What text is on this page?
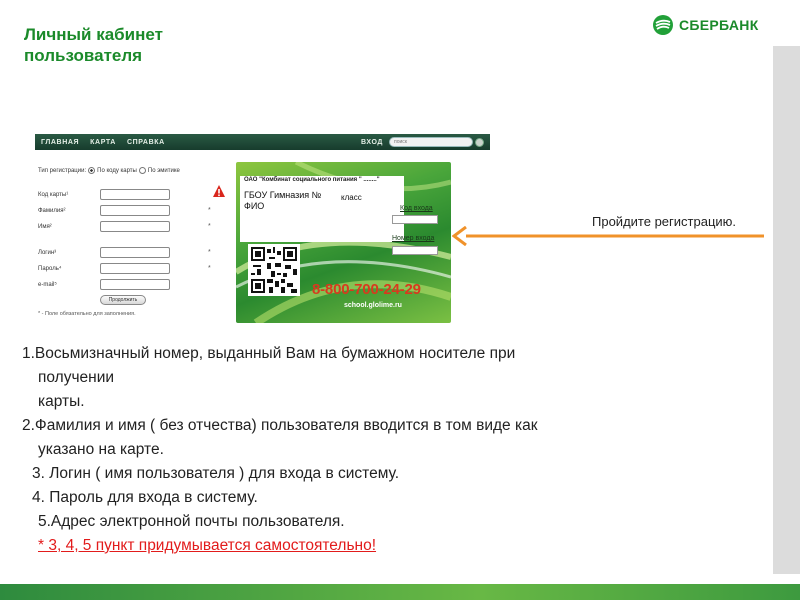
Личный кабинет
пользователя
СБЕРБАНК
ГЛАВНАЯ КАРТА СПРАВКА	ВХОД	поиск
Тип регистрации: По коду карты По эмитике
Код карты¹
Фамилия²	*
Имя²	*
Логин³	*
Пароль⁴	*
e-mail⁵
Продолжить
* - Поле обязательно для заполнения.
ОАО "Комбинат социального питания " ........"
ГБОУ Гимназия № класс
ФИО	Код входа
Номер входа
8-800-700-24-29
school.glolime.ru
Пройдите регистрацию.
1.Восьмизначный номер, выданный Вам на бумажном носителе при
получении
карты.
2.Фамилия и имя ( без отчества) пользователя вводится в том виде как
указано на карте.
3. Логин ( имя пользователя ) для входа в систему.
4. Пароль для входа в систему.
5.Адрес электронной почты пользователя.
* 3, 4, 5 пункт придумывается самостоятельно!
